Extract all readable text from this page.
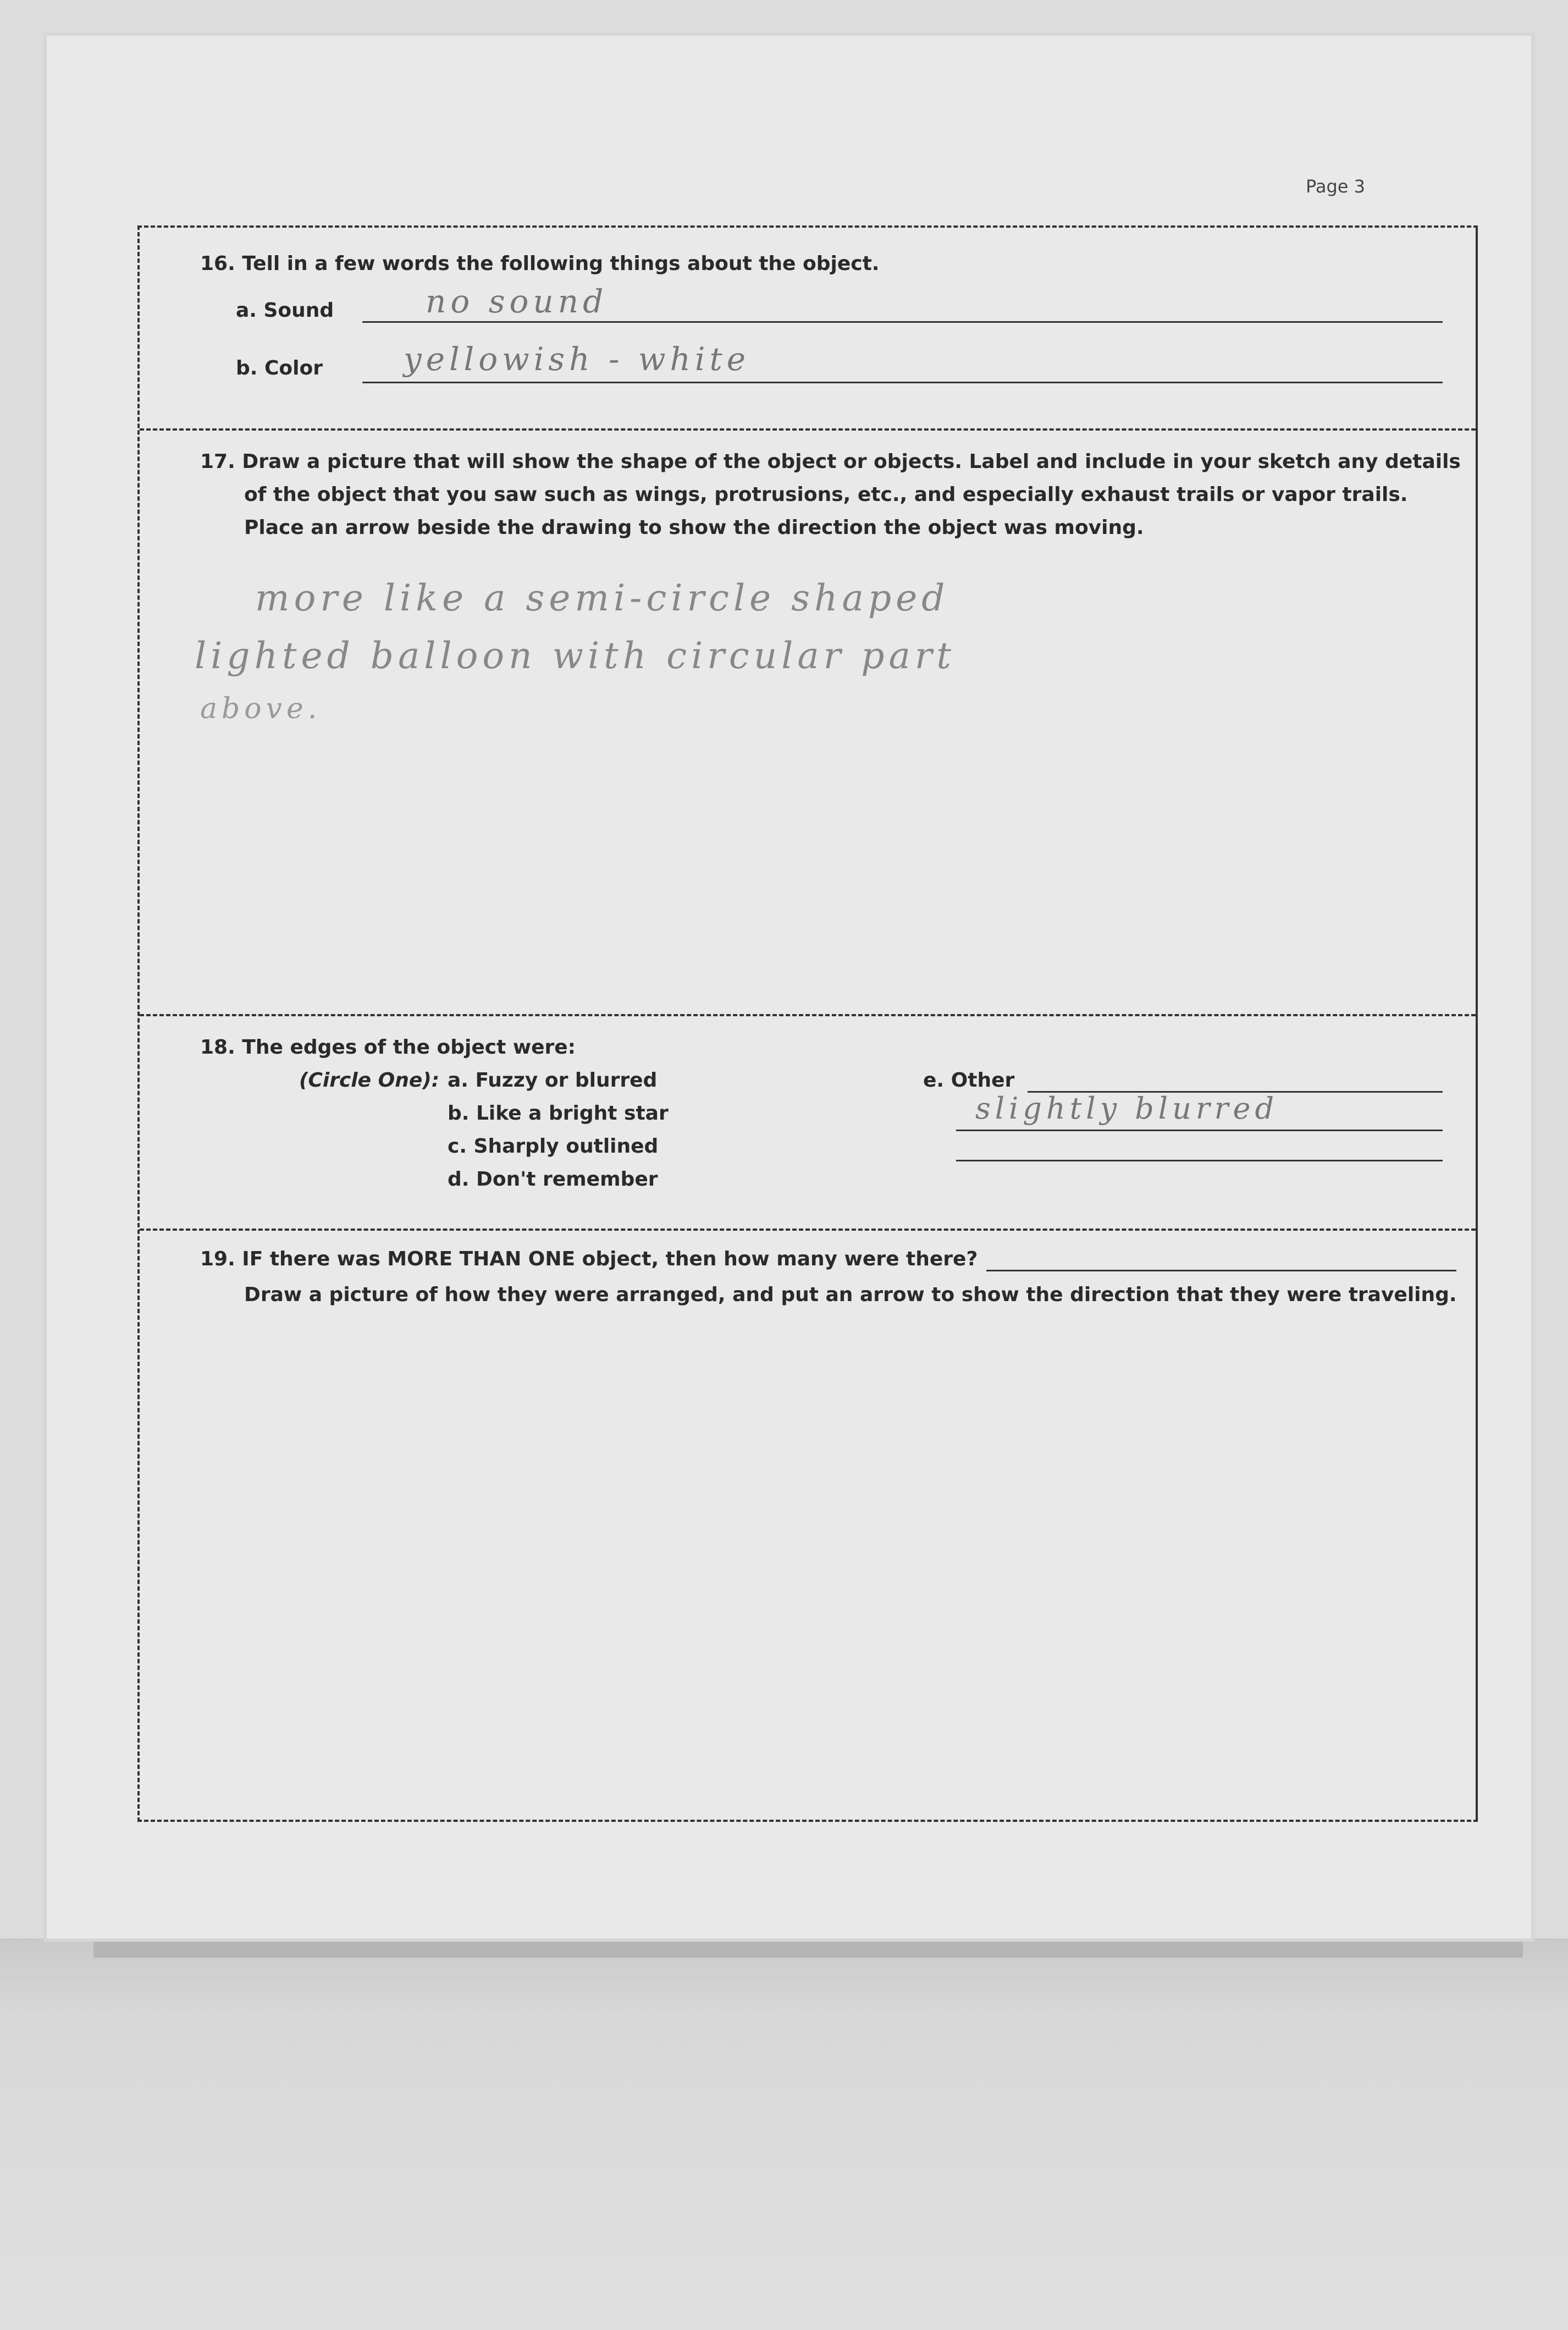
Page 3
16. Tell in a few words the following things about the object.
a. Sound	no sound
b. Color	yellowish - white
17. Draw a picture that will show the shape of the object or objects. Label and include in your sketch any details
of the object that you saw such as wings, protrusions, etc., and especially exhaust trails or vapor trails.
Place an arrow beside the drawing to show the direction the object was moving.
more like a semi-circle shaped
lighted balloon with circular part
above.
18. The edges of the object were:
(Circle One): a. Fuzzy or blurred
b. Like a bright star
c. Sharply outlined
d. Don't remember
e. Other
slightly blurred
19. IF there was MORE THAN ONE object, then how many were there?
Draw a picture of how they were arranged, and put an arrow to show the direction that they were traveling.
